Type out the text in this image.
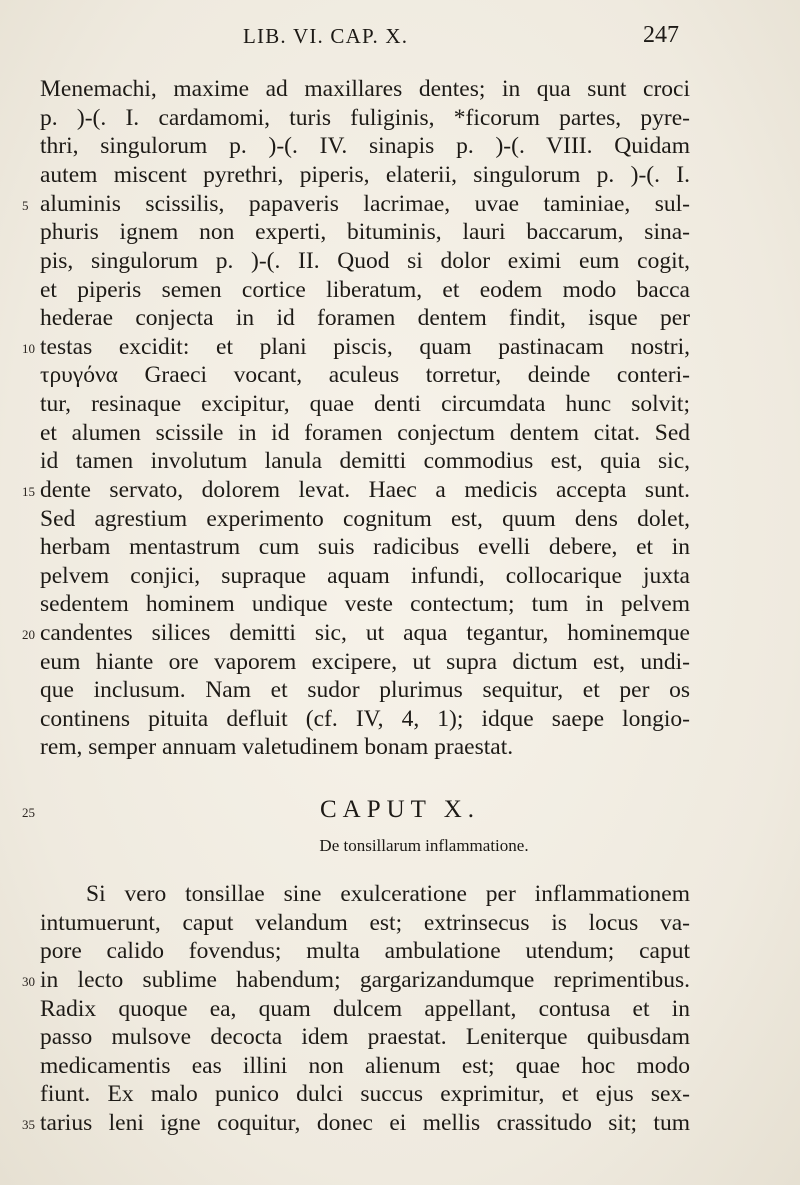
LIB. VI. CAP. X.	247
Menemachi, maxime ad maxillares dentes; in qua sunt croci
p. )-(. I. cardamomi, turis fuliginis, *ficorum partes, pyre-
thri, singulorum p. )-(. IV. sinapis p. )-(. VIII. Quidam
autem miscent pyrethri, piperis, elaterii, singulorum p. )-(. I.
aluminis scissilis, papaveris lacrimae, uvae taminiae, sul-
phuris ignem non experti, bituminis, lauri baccarum, sina-
pis, singulorum p. )-(. II. Quod si dolor eximi eum cogit,
et piperis semen cortice liberatum, et eodem modo bacca
hederae conjecta in id foramen dentem findit, isque per
testas excidit: et plani piscis, quam pastinacam nostri,
τρυγόνα Graeci vocant, aculeus torretur, deinde conteri-
tur, resinaque excipitur, quae denti circumdata hunc solvit;
et alumen scissile in id foramen conjectum dentem citat. Sed
id tamen involutum lanula demitti commodius est, quia sic,
dente servato, dolorem levat. Haec a medicis accepta sunt.
Sed agrestium experimento cognitum est, quum dens dolet,
herbam mentastrum cum suis radicibus evelli debere, et in
pelvem conjici, supraque aquam infundi, collocarique juxta
sedentem hominem undique veste contectum; tum in pelvem
candentes silices demitti sic, ut aqua tegantur, hominemque
eum hiante ore vaporem excipere, ut supra dictum est, undi-
que inclusum. Nam et sudor plurimus sequitur, et per os
continens pituita defluit (cf. IV, 4, 1); idque saepe longio-
rem, semper annuam valetudinem bonam praestat.
CAPUT X.
De tonsillarum inflammatione.
Si vero tonsillae sine exulceratione per inflammationem
intumuerunt, caput velandum est; extrinsecus is locus va-
pore calido fovendus; multa ambulatione utendum; caput
in lecto sublime habendum; gargarizandumque reprimentibus.
Radix quoque ea, quam dulcem appellant, contusa et in
passo mulsove decocta idem praestat. Leniterque quibusdam
medicamentis eas illini non alienum est; quae hoc modo
fiunt. Ex malo punico dulci succus exprimitur, et ejus sex-
tarius leni igne coquitur, donec ei mellis crassitudo sit; tum
5
10
15
20
25
30
35
